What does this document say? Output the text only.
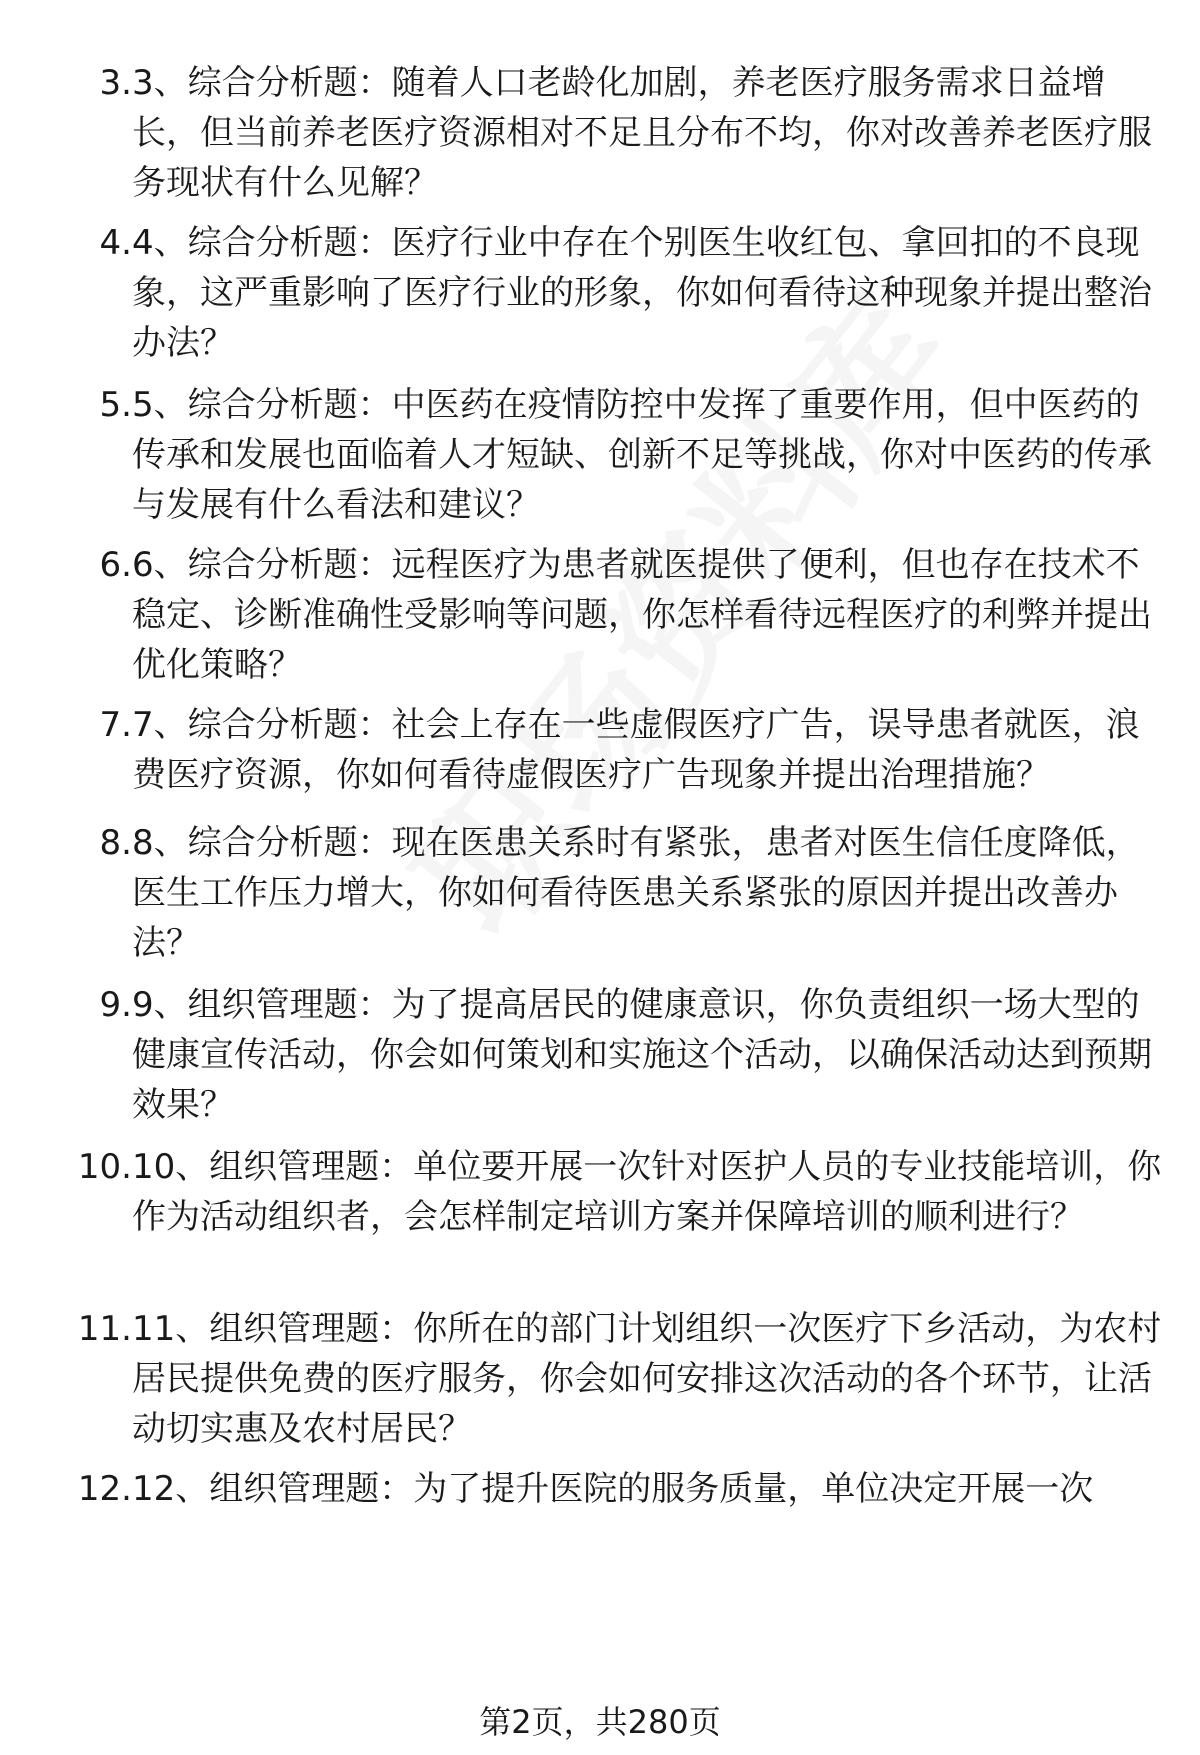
3. 3、综合分析题：随着人口老龄化加剧，养老医疗服务需求日益增长，但当前养老医疗资源相对不足且分布不均，你对改善养老医疗服务现状有什么见解？
4. 4、综合分析题：医疗行业中存在个别医生收红包、拿回扣的不良现象，这严重影响了医疗行业的形象，你如何看待这种现象并提出整治办法？
5. 5、综合分析题：中医药在疫情防控中发挥了重要作用，但中医药的传承和发展也面临着人才短缺、创新不足等挑战，你对中医药的传承与发展有什么看法和建议？
6. 6、综合分析题：远程医疗为患者就医提供了便利，但也存在技术不稳定、诊断准确性受影响等问题，你怎样看待远程医疗的利弊并提出优化策略？
7. 7、综合分析题：社会上存在一些虚假医疗广告，误导患者就医，浪费医疗资源，你如何看待虚假医疗广告现象并提出治理措施？
8. 8、综合分析题：现在医患关系时有紧张，患者对医生信任度降低，医生工作压力增大，你如何看待医患关系紧张的原因并提出改善办法？
9. 9、组织管理题：为了提高居民的健康意识，你负责组织一场大型的健康宣传活动，你会如何策划和实施这个活动，以确保活动达到预期效果？
10. 10、组织管理题：单位要开展一次针对医护人员的专业技能培训，你作为活动组织者，会怎样制定培训方案并保障培训的顺利进行？
11. 11、组织管理题：你所在的部门计划组织一次医疗下乡活动，为农村居民提供免费的医疗服务，你会如何安排这次活动的各个环节，让活动切实惠及农村居民？
12. 12、组织管理题：为了提升医院的服务质量，单位决定开展一次
第2页，共280页
